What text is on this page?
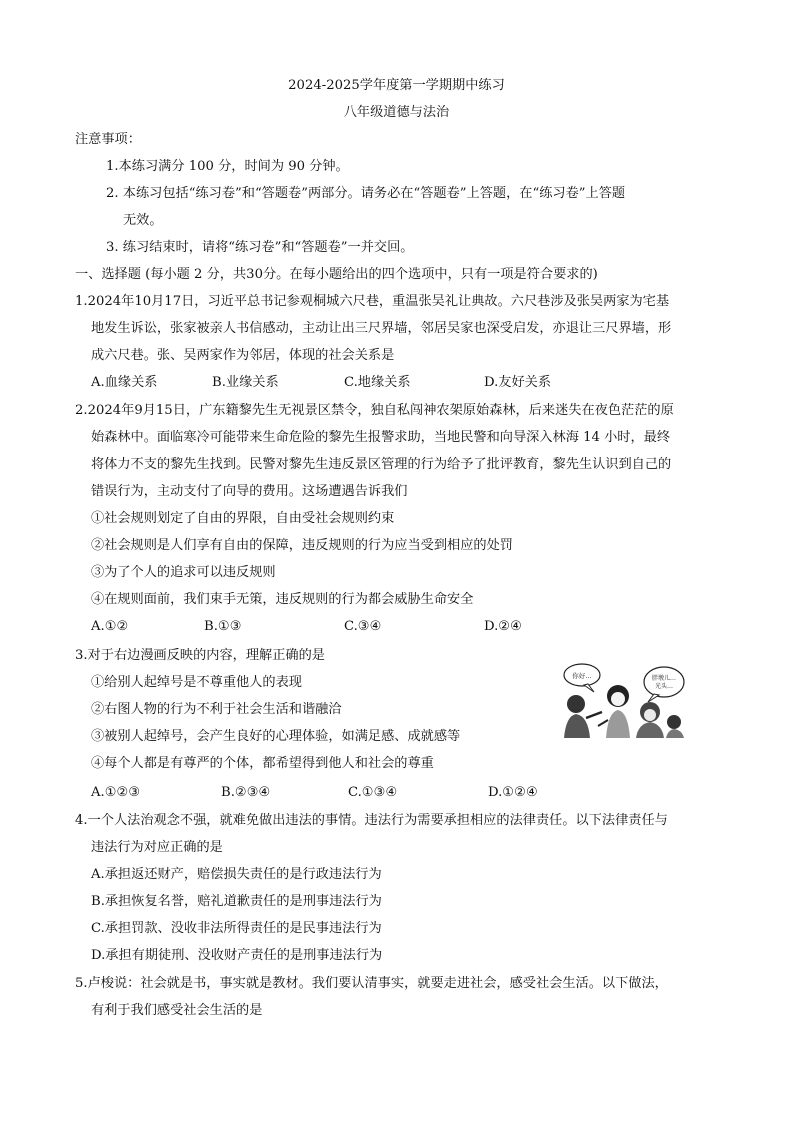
2024-2025学年度第一学期期中练习
八年级道德与法治
注意事项：
1.本练习满分 100 分，时间为 90 分钟。
2. 本练习包括“练习卷”和“答题卷”两部分。请务必在“答题卷”上答题，在“练习卷”上答题
无效。
3. 练习结束时，请将“练习卷”和“答题卷”一并交回。
一、选择题 (每小题 2 分，共30分。在每小题给出的四个选项中，只有一项是符合要求的)
1.2024年10月17日，习近平总书记参观桐城六尺巷，重温张吴礼让典故。六尺巷涉及张吴两家为宅基
地发生诉讼，张家被亲人书信感动，主动让出三尺界墙，邻居吴家也深受启发，亦退让三尺界墙，形
成六尺巷。张、吴两家作为邻居，体现的社会关系是
A.血缘关系	B.业缘关系	C.地缘关系	D.友好关系
2.2024年9月15日，广东籍黎先生无视景区禁令，独自私闯神农架原始森林，后来迷失在夜色茫茫的原
始森林中。面临寒冷可能带来生命危险的黎先生报警求助，当地民警和向导深入林海 14 小时，最终
将体力不支的黎先生找到。民警对黎先生违反景区管理的行为给予了批评教育，黎先生认识到自己的
错误行为，主动支付了向导的费用。这场遭遇告诉我们
①社会规则划定了自由的界限，自由受社会规则约束
②社会规则是人们享有自由的保障，违反规则的行为应当受到相应的处罚
③为了个人的追求可以违反规则
④在规则面前，我们束手无策，违反规则的行为都会威胁生命安全
A.①②	B.①③	C.③④	D.②④
3.对于右边漫画反映的内容，理解正确的是
①给别人起绰号是不尊重他人的表现
②右图人物的行为不利于社会生活和谐融洽
③被别人起绰号，会产生良好的心理体验，如满足感、成就感等
④每个人都是有尊严的个体，都希望得到他人和社会的尊重
A.①②③	B.②③④	C.①③④	D.①②④
你好…	胖墩儿…
光头…
4.一个人法治观念不强，就难免做出违法的事情。违法行为需要承担相应的法律责任。以下法律责任与
违法行为对应正确的是
A.承担返还财产，赔偿损失责任的是行政违法行为
B.承担恢复名誉，赔礼道歉责任的是刑事违法行为
C.承担罚款、没收非法所得责任的是民事违法行为
D.承担有期徒刑、没收财产责任的是刑事违法行为
5.卢梭说：社会就是书，事实就是教材。我们要认清事实，就要走进社会，感受社会生活。以下做法，
有利于我们感受社会生活的是
